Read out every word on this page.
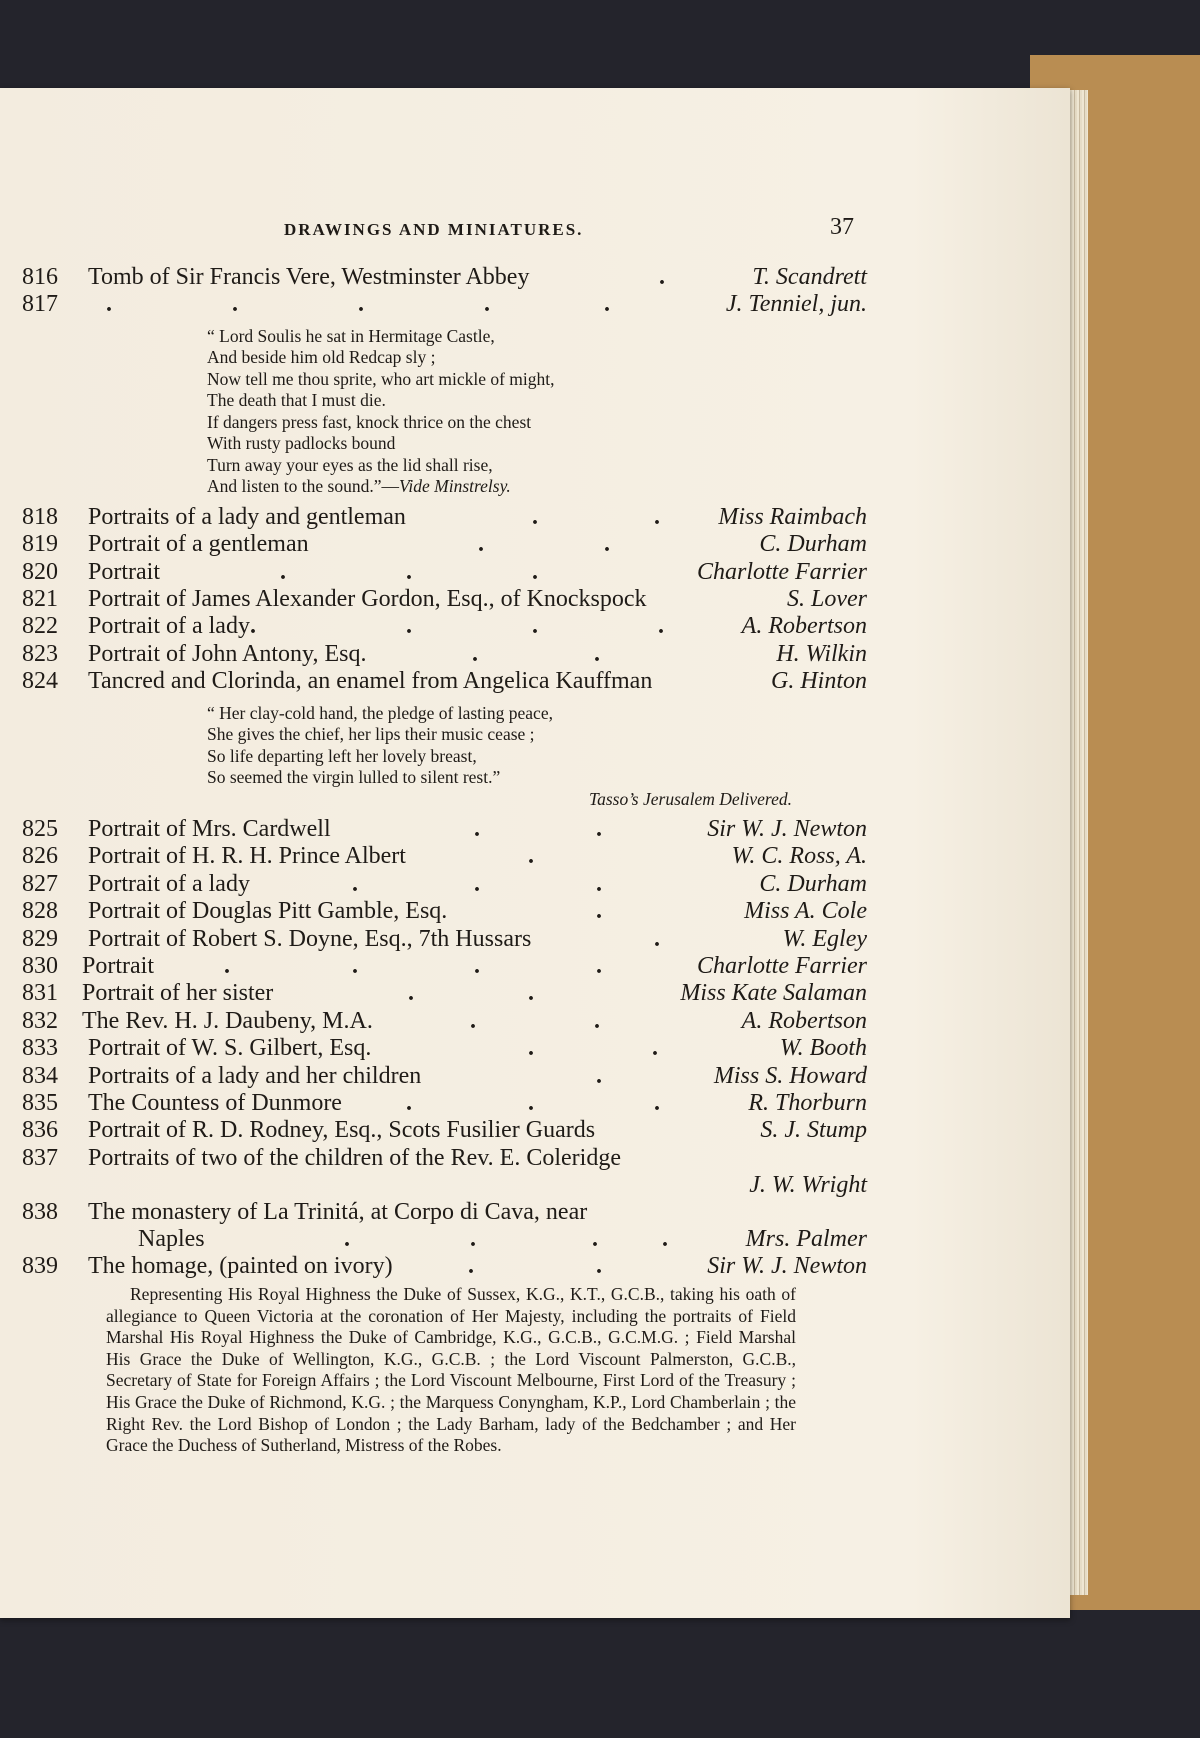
DRAWINGS AND MINIATURES.	37
816	Tomb of Sir Francis Vere, Westminster Abbey	.	T. Scandrett
817	.	.	.	.	.	J. Tenniel, jun.
“ Lord Soulis he sat in Hermitage Castle,
And beside him old Redcap sly ;
Now tell me thou sprite, who art mickle of might,
The death that I must die.
If dangers press fast, knock thrice on the chest
With rusty padlocks bound
Turn away your eyes as the lid shall rise,
And listen to the sound.”—Vide Minstrelsy.
818	Portraits of a lady and gentleman	.	. Miss Raimbach
819	Portrait of a gentleman	.	.	C. Durham
820	Portrait	.	.	.	Charlotte Farrier
821	Portrait of James Alexander Gordon, Esq., of Knockspock	S. Lover
822	Portrait of a lady .	.	.	.	A. Robertson
823	Portrait of John Antony, Esq.	.	.	H. Wilkin
824	Tancred and Clorinda, an enamel from Angelica Kauffman	G. Hinton
“ Her clay-cold hand, the pledge of lasting peace,
She gives the chief, her lips their music cease ;
So life departing left her lovely breast,
So seemed the virgin lulled to silent rest.”
Tasso’s Jerusalem Delivered.
825	Portrait of Mrs. Cardwell	.	.	Sir W. J. Newton
826	Portrait of H. R. H. Prince Albert	.	W. C. Ross, A.
827	Portrait of a lady	.	.	.	C. Durham
828	Portrait of Douglas Pitt Gamble, Esq.	.	Miss A. Cole
829	Portrait of Robert S. Doyne, Esq., 7th Hussars	.	W. Egley
830	Portrait	.	.	.	.	Charlotte Farrier
831	Portrait of her sister	.	.	Miss Kate Salaman
832	The Rev. H. J. Daubeny, M.A.	.	.	A. Robertson
833	Portrait of W. S. Gilbert, Esq.	.	.	W. Booth
834	Portraits of a lady and her children	.	Miss S. Howard
835	The Countess of Dunmore	.	.	.	R. Thorburn
836	Portrait of R. D. Rodney, Esq., Scots Fusilier Guards	S. J. Stump
837	Portraits of two of the children of the Rev. E. Coleridge
J. W. Wright
838	The monastery of La Trinitá, at Corpo di Cava, near
Naples	.	.	.	.	Mrs. Palmer
839	The homage, (painted on ivory)	.	.	Sir W. J. Newton
Representing His Royal Highness the Duke of Sussex, K.G., K.T., G.C.B., taking his oath of allegiance to Queen Victoria at the coronation of Her Majesty, including the portraits of Field Marshal His Royal Highness the Duke of Cambridge, K.G., G.C.B., G.C.M.G. ; Field Marshal His Grace the Duke of Wellington, K.G., G.C.B. ; the Lord Viscount Palmerston, G.C.B., Secretary of State for Foreign Affairs ; the Lord Viscount Melbourne, First Lord of the Treasury ; His Grace the Duke of Richmond, K.G. ; the Marquess Conyngham, K.P., Lord Chamberlain ; the Right Rev. the Lord Bishop of London ; the Lady Barham, lady of the Bedchamber ; and Her Grace the Duchess of Sutherland, Mistress of the Robes.
